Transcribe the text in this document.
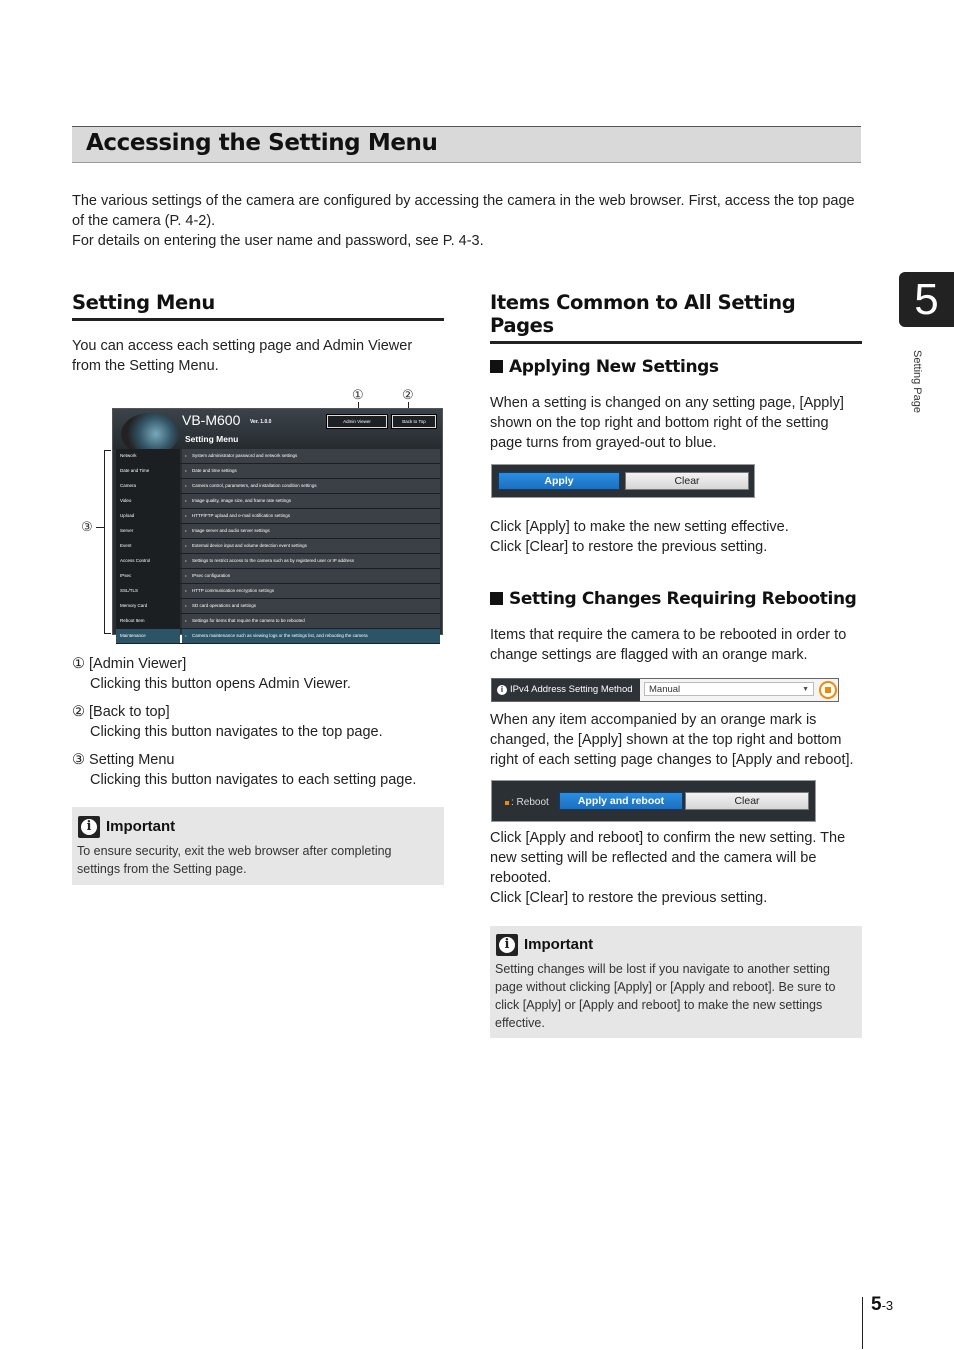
Accessing the Setting Menu

The various settings of the camera are configured by accessing the camera in the web browser. First, access the top page

of the camera (P. 4-2).

For details on entering the user name and password, see P. 4-3.

5
Setting Page
Setting Menu

You can access each setting page and Admin Viewer

from the Setting Menu.

①	②
③
VB-M600 Ver. 1.0.0
Setting Menu
Admin Viewer	Back to Top
Network	▸ System administrator password and network settings
Date and Time	▸ Date and time settings
Camera	▸ Camera control, parameters, and installation condition settings
Video	▸ Image quality, image size, and frame rate settings
Upload	▸ HTTP/FTP upload and e-mail notification settings
Server	▸ Image server and audio server settings
Event	▸ External device input and volume detection event settings
Access Control	▸ Settings to restrict access to the camera such as by registered user or IP address
IPsec	▸ IPsec configuration
SSL/TLS	▸ HTTP communication encryption settings
Memory Card	▸ SD card operations and settings
Reboot Item	▸ Settings for items that require the camera to be rebooted
Maintenance	▸ Camera maintenance such as viewing logs or the settings list, and rebooting the camera
① [Admin Viewer]

Clicking this button opens Admin Viewer.

② [Back to top]

Clicking this button navigates to the top page.

③ Setting Menu

Clicking this button navigates to each setting page.

i
Important
To ensure security, exit the web browser after completing
settings from the Setting page.
Items Common to All Setting Pages
Applying New Settings

When a setting is changed on any setting page, [Apply]

shown on the top right and bottom right of the setting

page turns from grayed-out to blue.

Apply	Clear

Click [Apply] to make the new setting effective.

Click [Clear] to restore the previous setting.

Setting Changes Requiring Rebooting

Items that require the camera to be rebooted in order to

change settings are flagged with an orange mark.

i IPv4 Address Setting Method	Manual	▼

When any item accompanied by an orange mark is

changed, the [Apply] shown at the top right and bottom

right of each setting page changes to [Apply and reboot].

: Reboot	Apply and reboot	Clear

Click [Apply and reboot] to confirm the new setting. The

new setting will be reflected and the camera will be

rebooted.

Click [Clear] to restore the previous setting.

i
Important
Setting changes will be lost if you navigate to another setting
page without clicking [Apply] or [Apply and reboot]. Be sure to
click [Apply] or [Apply and reboot] to make the new settings
effective.
5-3
